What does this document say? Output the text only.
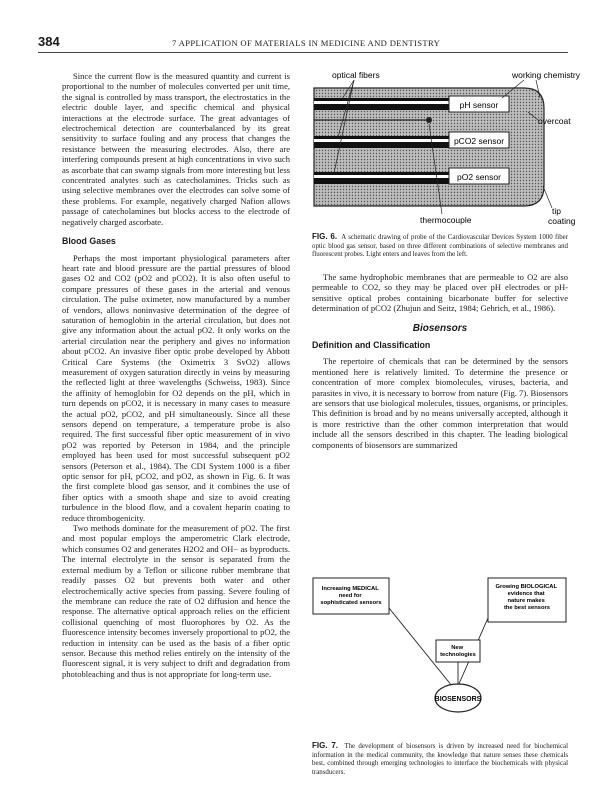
384	7 APPLICATION OF MATERIALS IN MEDICINE AND DENTISTRY

Since the current flow is the measured quantity and current is proportional to the number of molecules converted per unit time, the signal is controlled by mass transport, the electrostatics in the electric double layer, and specific chemical and physical interactions at the electrode surface. The great advantages of electrochemical detection are counterbalanced by its great sensitivity to surface fouling and any process that changes the resistance between the measuring electrodes. Also, there are interfering compounds present at high concentrations in vivo such as ascorbate that can swamp signals from more interesting but less concentrated analytes such as catecholamines. Tricks such as using selective membranes over the electrodes can solve some of these problems. For example, negatively charged Nafion allows passage of catecholamines but blocks access to the electrode of negatively charged ascorbate.

Blood Gases

Perhaps the most important physiological parameters after heart rate and blood pressure are the partial pressures of blood gases O2 and CO2 (pO2 and pCO2). It is also often useful to compare pressures of these gases in the arterial and venous circulation. The pulse oximeter, now manufactured by a number of vendors, allows noninvasive determination of the degree of saturation of hemoglobin in the arterial circulation, but does not give any information about the actual pO2. It only works on the arterial circulation near the periphery and gives no information about pCO2. An invasive fiber optic probe developed by Abbott Critical Care Systems (the Oximetrix 3 SvO2) allows measurement of oxygen saturation directly in veins by measuring the reflected light at three wavelengths (Schweiss, 1983). Since the affinity of hemoglobin for O2 depends on the pH, which in turn depends on pCO2, it is necessary in many cases to measure the actual pO2, pCO2, and pH simultaneously. Since all these sensors depend on temperature, a temperature probe is also required. The first successful fiber optic measurement of in vivo pO2 was reported by Peterson in 1984, and the principle employed has been used for most successful subsequent pO2 sensors (Peterson et al., 1984). The CDI System 1000 is a fiber optic sensor for pH, pCO2, and pO2, as shown in Fig. 6. It was the first complete blood gas sensor, and it combines the use of fiber optics with a smooth shape and size to avoid creating turbulence in the blood flow, and a covalent heparin coating to reduce thrombogenicity.

Two methods dominate for the measurement of pO2. The first and most popular employs the amperometric Clark electrode, which consumes O2 and generates H2O2 and OH− as byproducts. The internal electrolyte in the sensor is separated from the external medium by a Teflon or silicone rubber membrane that readily passes O2 but prevents both water and other electrochemically active species from passing. Severe fouling of the membrane can reduce the rate of O2 diffusion and hence the response. The alternative optical approach relies on the efficient collisional quenching of most fluorophores by O2. As the fluorescence intensity becomes inversely proportional to pO2, the reduction in intensity can be used as the basis of a fiber optic sensor. Because this method relies entirely on the intensity of the fluorescent signal, it is very subject to drift and degradation from photobleaching and thus is not appropriate for long-term use.

pH sensor
pCO2 sensor
pO2 sensor
optical fibers	working chemistry
overcoat
thermocouple
tip
coating
FIG. 6. A schematic drawing of probe of the Cardiovascular Devices System 1000 fiber optic blood gas sensor, based on three different combinations of selective membranes and fluorescent probes. Light enters and leaves from the left.

The same hydrophobic membranes that are permeable to O2 are also permeable to CO2, so they may be placed over pH electrodes or pH-sensitive optical probes containing bicarbonate buffer for selective determination of pCO2 (Zhujun and Seitz, 1984; Gehrich, et al., 1986).

Biosensors
Definition and Classification

The repertoire of chemicals that can be determined by the sensors mentioned here is relatively limited. To determine the presence or concentration of more complex biomolecules, viruses, bacteria, and parasites in vivo, it is necessary to borrow from nature (Fig. 7). Biosensors are sensors that use biological molecules, tissues, organisms, or principles. This definition is broad and by no means universally accepted, although it is more restrictive than the other common interpretation that would include all the sensors described in this chapter. The leading biological components of biosensors are summarized

Increasing MEDICAL need for sophisticated sensors
Growing BIOLOGICAL evidence that nature makes the best sensors
New technologies
BIOSENSORS
FIG. 7. The development of biosensors is driven by increased need for biochemical information in the medical community, the knowledge that nature senses these chemicals best, combined through emerging technologies to interface the biochemicals with physical transducers.
